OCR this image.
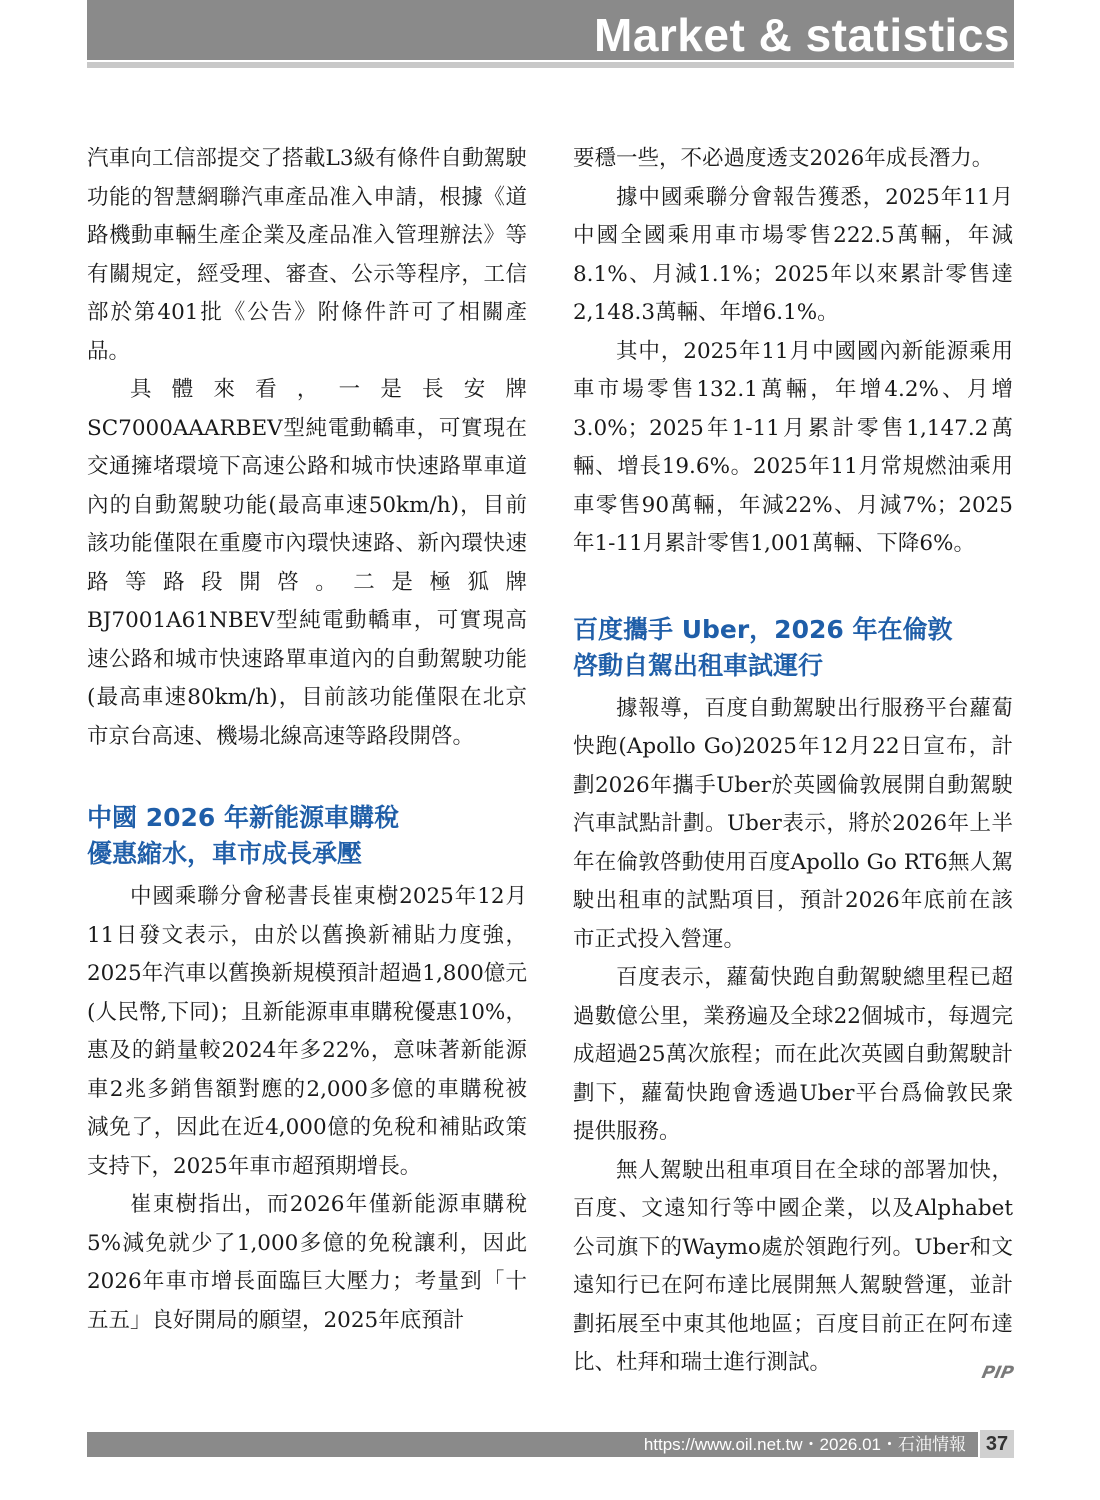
Market & statistics

汽車向工信部提交了搭載L3級有條件自動駕駛功能的智慧網聯汽車產品准入申請，根據《道路機動車輛生產企業及產品准入管理辦法》等有關規定，經受理、審查、公示等程序，工信部於第401批《公告》附條件許可了相關產品。

具體來看，一是長安牌SC7000AAARBEV型純電動轎車，可實現在交通擁堵環境下高速公路和城市快速路單車道內的自動駕駛功能(最高車速50km/h)，目前該功能僅限在重慶市內環快速路、新內環快速路等路段開啓。二是極狐牌BJ7001A61NBEV型純電動轎車，可實現高速公路和城市快速路單車道內的自動駕駛功能(最高車速80km/h)，目前該功能僅限在北京市京台高速、機場北線高速等路段開啓。

中國 2026 年新能源車購稅
優惠縮水，車市成長承壓

中國乘聯分會秘書長崔東樹2025年12月11日發文表示，由於以舊換新補貼力度強，2025年汽車以舊換新規模預計超過1,800億元(人民幣,下同)；且新能源車車購稅優惠10%，惠及的銷量較2024年多22%，意味著新能源車2兆多銷售額對應的2,000多億的車購稅被減免了，因此在近4,000億的免稅和補貼政策支持下，2025年車市超預期增長。

崔東樹指出，而2026年僅新能源車購稅5%減免就少了1,000多億的免稅讓利，因此2026年車市增長面臨巨大壓力；考量到「十五五」良好開局的願望，2025年底預計

要穩一些，不必過度透支2026年成長潛力。

據中國乘聯分會報告獲悉，2025年11月中國全國乘用車市場零售222.5萬輛，年減8.1%、月減1.1%；2025年以來累計零售達2,148.3萬輛、年增6.1%。

其中，2025年11月中國國內新能源乘用車市場零售132.1萬輛，年增4.2%、月增3.0%；2025年1-11月累計零售1,147.2萬輛、增長19.6%。2025年11月常規燃油乘用車零售90萬輛，年減22%、月減7%；2025年1-11月累計零售1,001萬輛、下降6%。

百度攜手 Uber，2026 年在倫敦
啓動自駕出租車試運行

據報導，百度自動駕駛出行服務平台蘿蔔快跑(Apollo Go)2025年12月22日宣布，計劃2026年攜手Uber於英國倫敦展開自動駕駛汽車試點計劃。Uber表示，將於2026年上半年在倫敦啓動使用百度Apollo Go RT6無人駕駛出租車的試點項目，預計2026年底前在該市正式投入營運。

百度表示，蘿蔔快跑自動駕駛總里程已超過數億公里，業務遍及全球22個城市，每週完成超過25萬次旅程；而在此次英國自動駕駛計劃下，蘿蔔快跑會透過Uber平台爲倫敦民衆提供服務。

無人駕駛出租車項目在全球的部署加快，百度、文遠知行等中國企業，以及Alphabet公司旗下的Waymo處於領跑行列。Uber和文遠知行已在阿布達比展開無人駕駛營運，並計劃拓展至中東其他地區；百度目前正在阿布達比、杜拜和瑞士進行測試。	PIP

https://www.oil.net.tw・2026.01・石油情報 37
